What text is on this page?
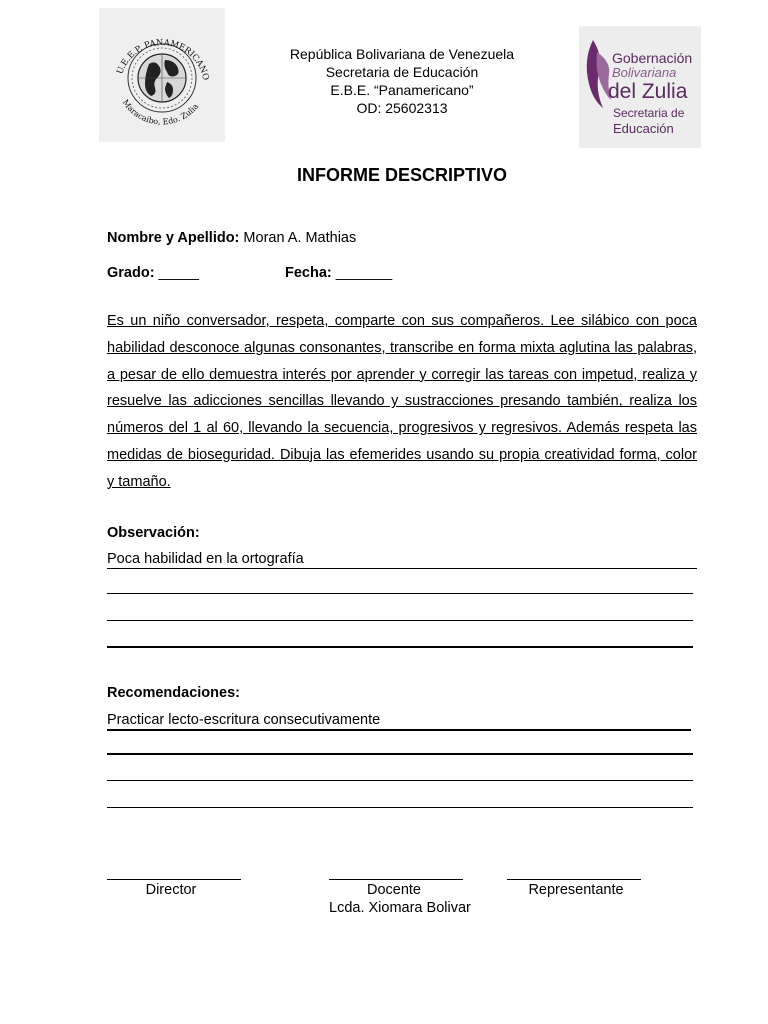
U.E.E.P. PANAMERICANO
Maracaibo, Edo. Zulia
República Bolivariana de Venezuela
Secretaria de Educación
E.B.E. “Panamericano”
OD: 25602313
Gobernación
Bolivariana
del Zulia
Secretaria de
Educación
INFORME DESCRIPTIVO
Nombre y Apellido: Moran A. Mathias
Grado: _____	Fecha: _______
Es un niño conversador, respeta, comparte con sus compañeros. Lee silábico con poca habilidad desconoce algunas consonantes, transcribe en forma mixta aglutina las palabras, a pesar de ello demuestra interés por aprender y corregir las tareas con impetud, realiza y resuelve las adicciones sencillas llevando y sustracciones presando también, realiza los números del 1 al 60, llevando la secuencia, progresivos y regresivos. Además respeta las medidas de bioseguridad. Dibuja las efemerides usando su propia creatividad forma, color y tamaño.
Observación:
Poca habilidad en la ortografía
Recomendaciones:
Practicar lecto-escritura consecutivamente
Director	Docente
Lcda. Xiomara Bolivar
Representante
